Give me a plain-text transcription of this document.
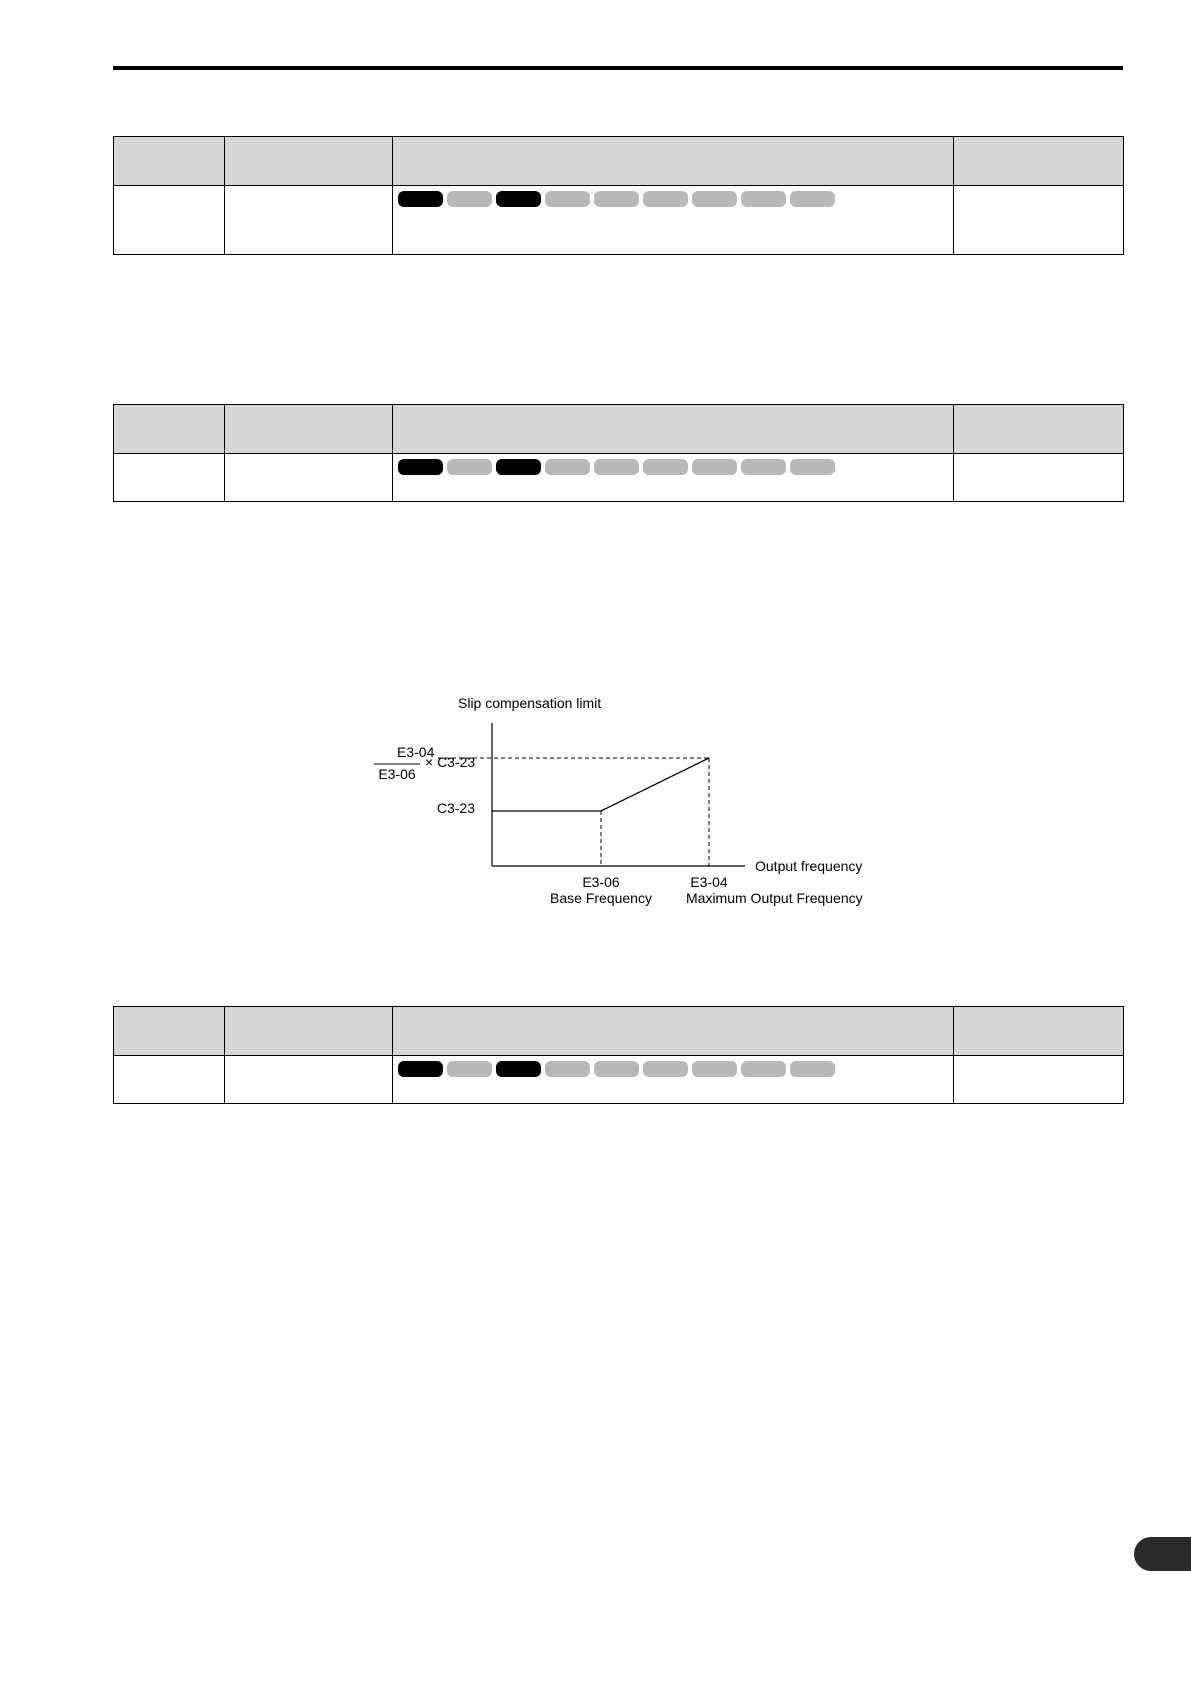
Slip compensation limit
E3-04
E3-06
× C3-23
C3-23
Output frequency
E3-06
Base Frequency
E3-04
Maximum Output Frequency
